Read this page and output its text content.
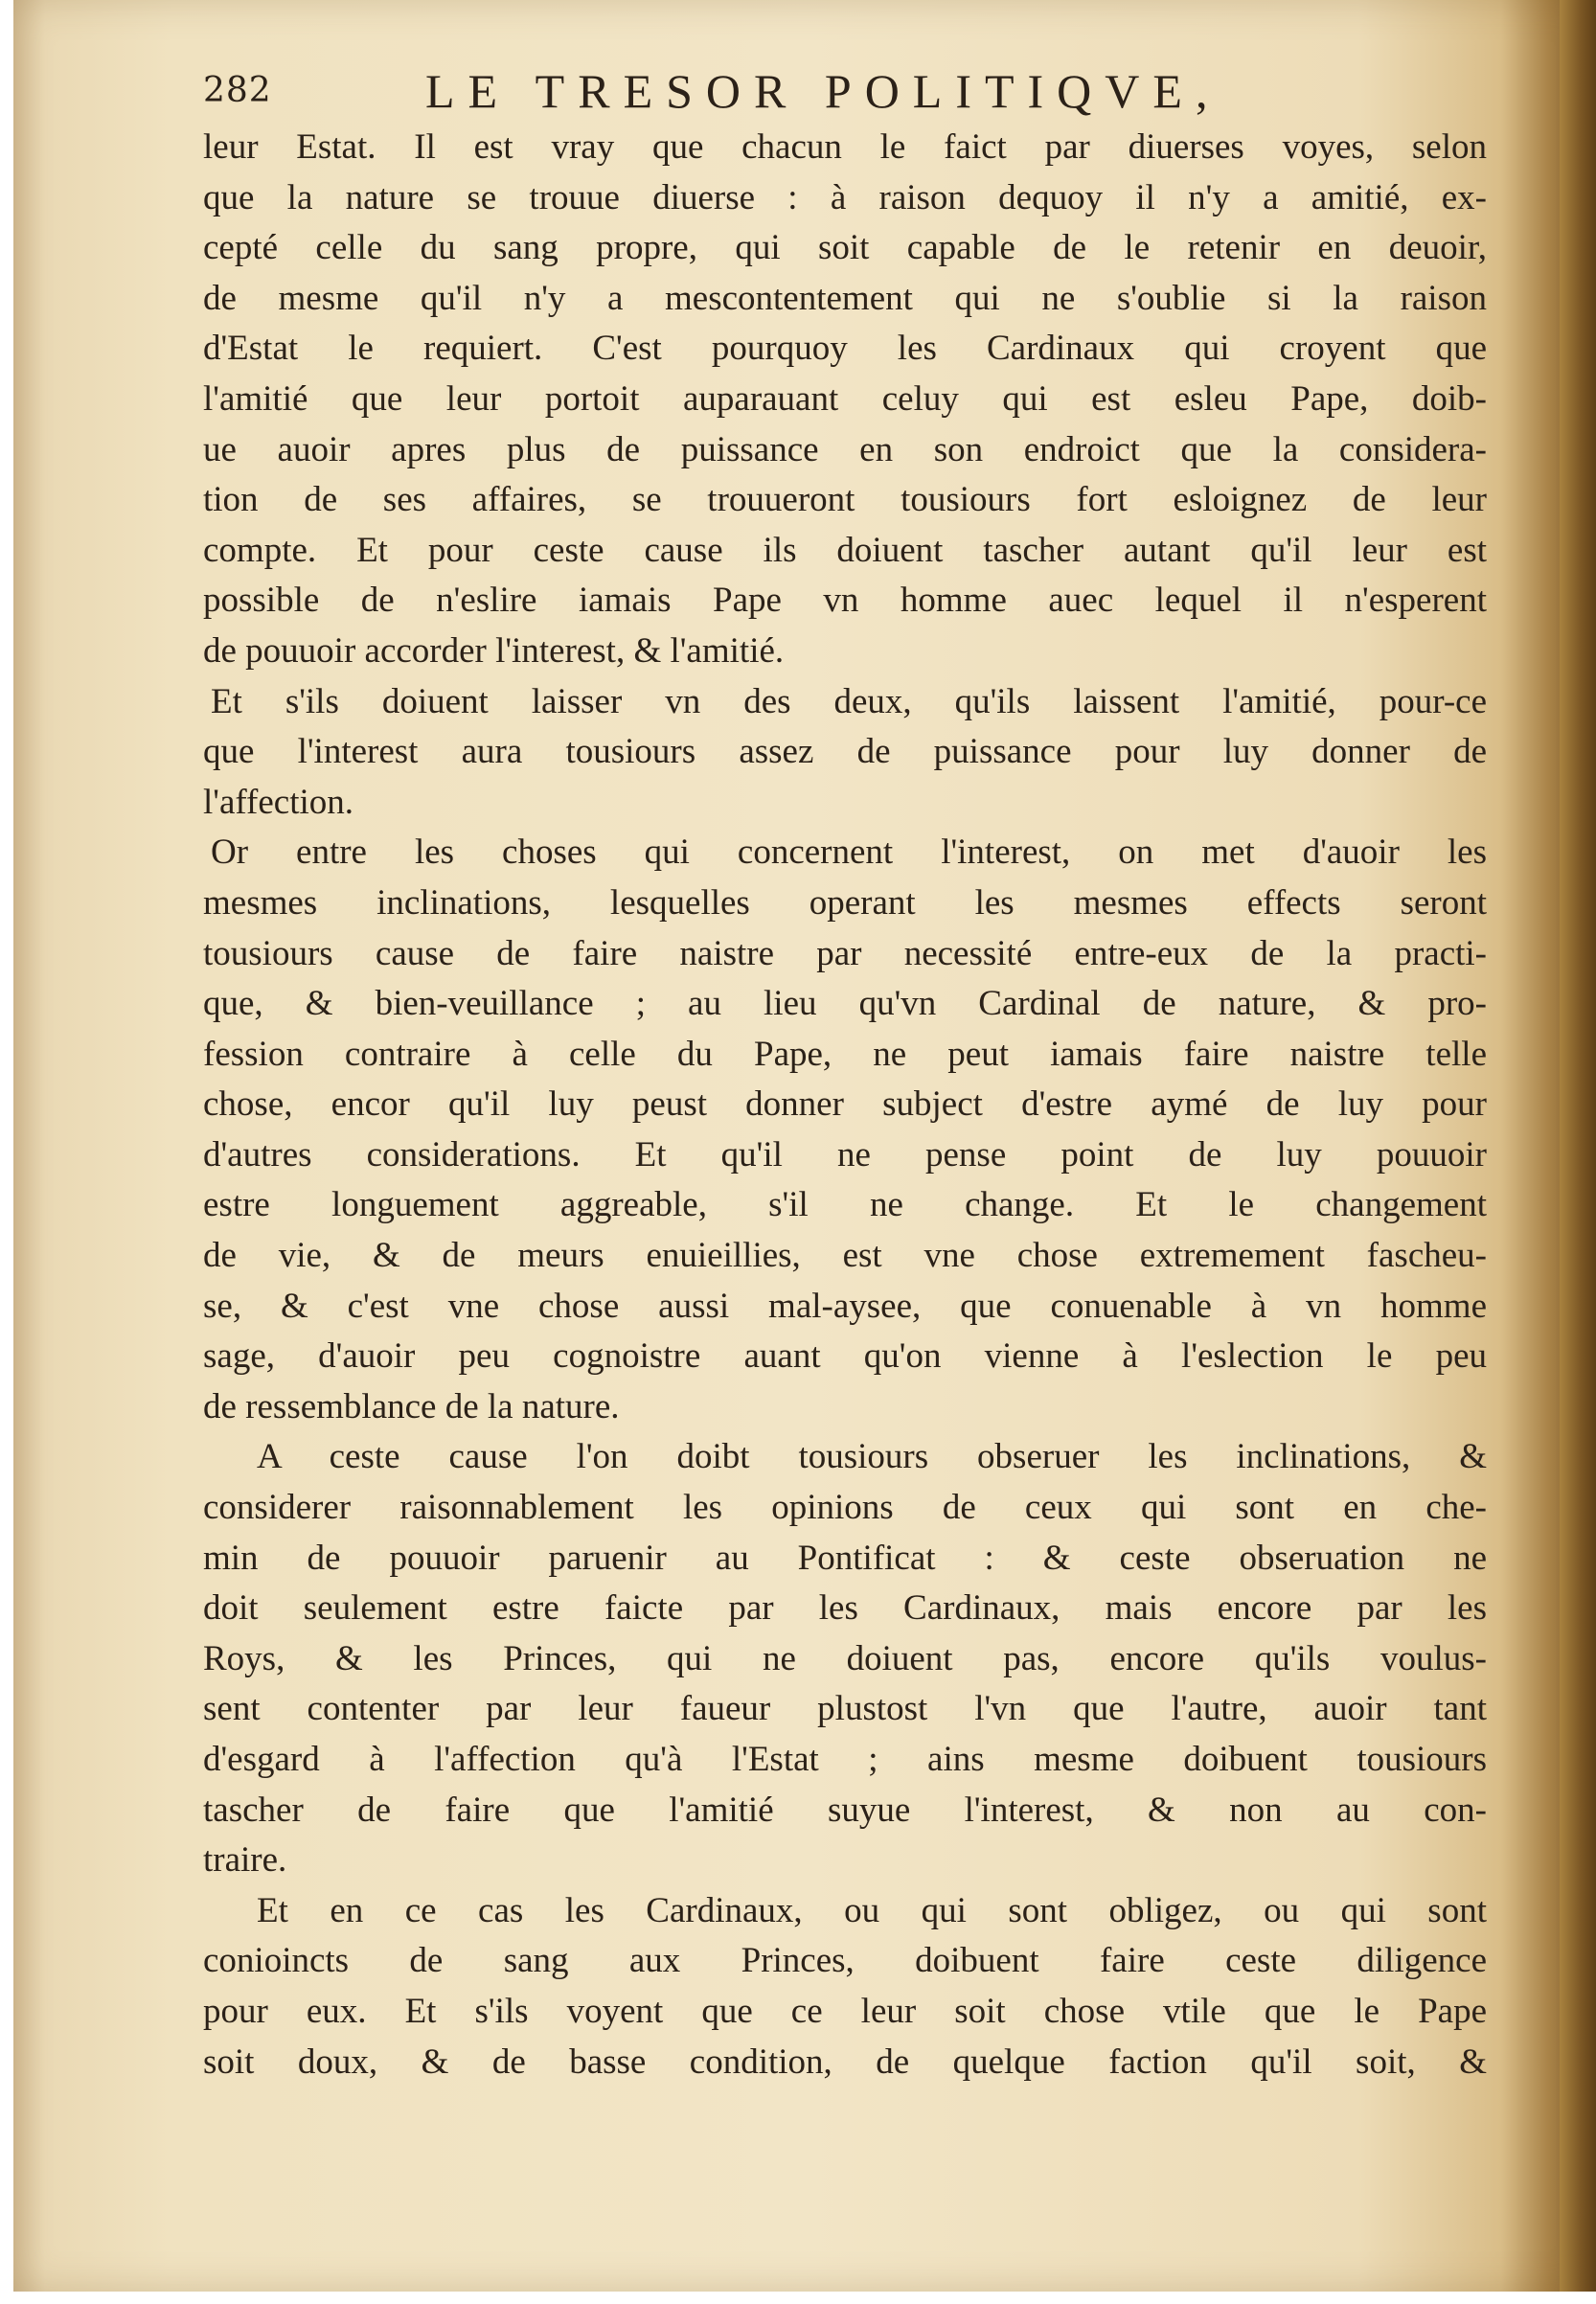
282	LE TRESOR POLITIQVE,
leur Estat. Il est vray que chacun le faict par diuerses voyes, selon
que la nature se trouue diuerse : à raison dequoy il n'y a amitié, ex-
cepté celle du sang propre, qui soit capable de le retenir en deuoir,
de mesme qu'il n'y a mescontentement qui ne s'oublie si la raison
d'Estat le requiert. C'est pourquoy les Cardinaux qui croyent que
l'amitié que leur portoit auparauant celuy qui est esleu Pape, doib-
ue auoir apres plus de puissance en son endroict que la considera-
tion de ses affaires, se trouueront tousiours fort esloignez de leur
compte. Et pour ceste cause ils doiuent tascher autant qu'il leur est
possible de n'eslire iamais Pape vn homme auec lequel il n'esperent
de pouuoir accorder l'interest, & l'amitié.
Et s'ils doiuent laisser vn des deux, qu'ils laissent l'amitié, pour-ce
que l'interest aura tousiours assez de puissance pour luy donner de
l'affection.
Or entre les choses qui concernent l'interest, on met d'auoir les
mesmes inclinations, lesquelles operant les mesmes effects seront
tousiours cause de faire naistre par necessité entre-eux de la practi-
que, & bien-veuillance ; au lieu qu'vn Cardinal de nature, & pro-
fession contraire à celle du Pape, ne peut iamais faire naistre telle
chose, encor qu'il luy peust donner subject d'estre aymé de luy pour
d'autres considerations. Et qu'il ne pense point de luy pouuoir
estre longuement aggreable, s'il ne change. Et le changement
de vie, & de meurs enuieillies, est vne chose extremement fascheu-
se, & c'est vne chose aussi mal-aysee, que conuenable à vn homme
sage, d'auoir peu cognoistre auant qu'on vienne à l'eslection le peu
de ressemblance de la nature.
A ceste cause l'on doibt tousiours obseruer les inclinations, &
considerer raisonnablement les opinions de ceux qui sont en che-
min de pouuoir paruenir au Pontificat : & ceste obseruation ne
doit seulement estre faicte par les Cardinaux, mais encore par les
Roys, & les Princes, qui ne doiuent pas, encore qu'ils voulus-
sent contenter par leur faueur plustost l'vn que l'autre, auoir tant
d'esgard à l'affection qu'à l'Estat ; ains mesme doibuent tousiours
tascher de faire que l'amitié suyue l'interest, & non au con-
traire.
Et en ce cas les Cardinaux, ou qui sont obligez, ou qui sont
conioincts de sang aux Princes, doibuent faire ceste diligence
pour eux. Et s'ils voyent que ce leur soit chose vtile que le Pape
soit doux, & de basse condition, de quelque faction qu'il soit, &
